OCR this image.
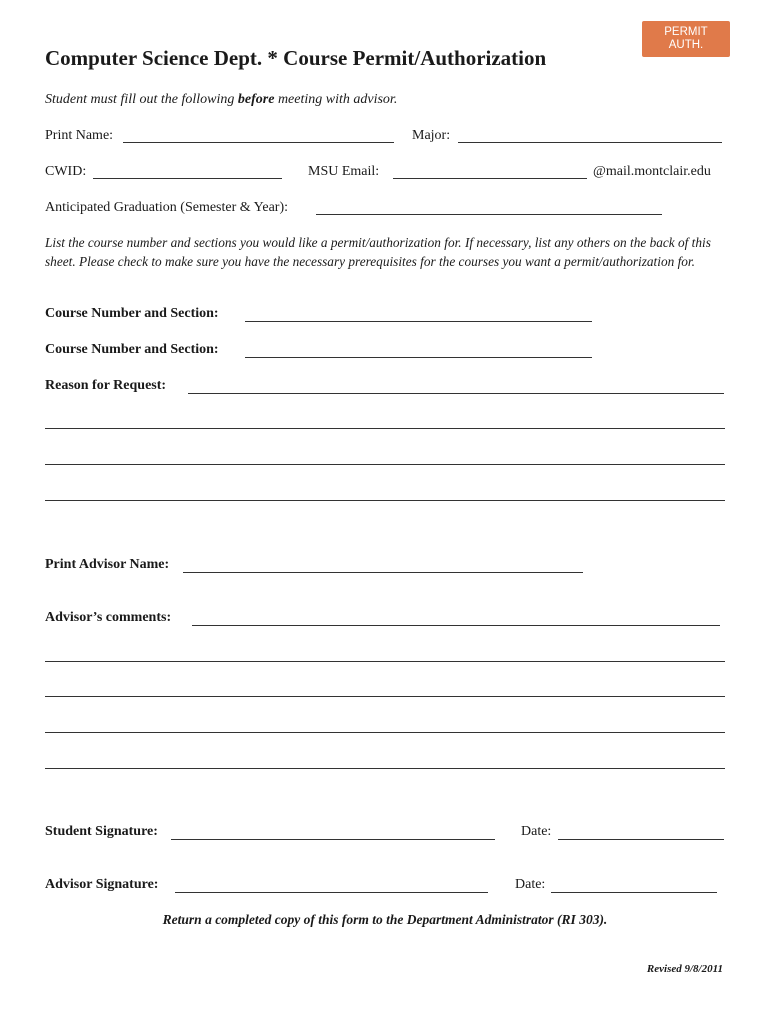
PERMIT
AUTH.
Computer Science Dept. * Course Permit/Authorization
Student must fill out the following before meeting with advisor.
Print Name:	Major:
CWID:	MSU Email:	@mail.montclair.edu
Anticipated Graduation (Semester & Year):
List the course number and sections you would like a permit/authorization for. If necessary, list any others on the back of this sheet. Please check to make sure you have the necessary prerequisites for the courses you want a permit/authorization for.
Course Number and Section:
Course Number and Section:
Reason for Request:
Print Advisor Name:
Advisor’s comments:
Student Signature:	Date:
Advisor Signature:	Date:
Return a completed copy of this form to the Department Administrator (RI 303).
Revised 9/8/2011
